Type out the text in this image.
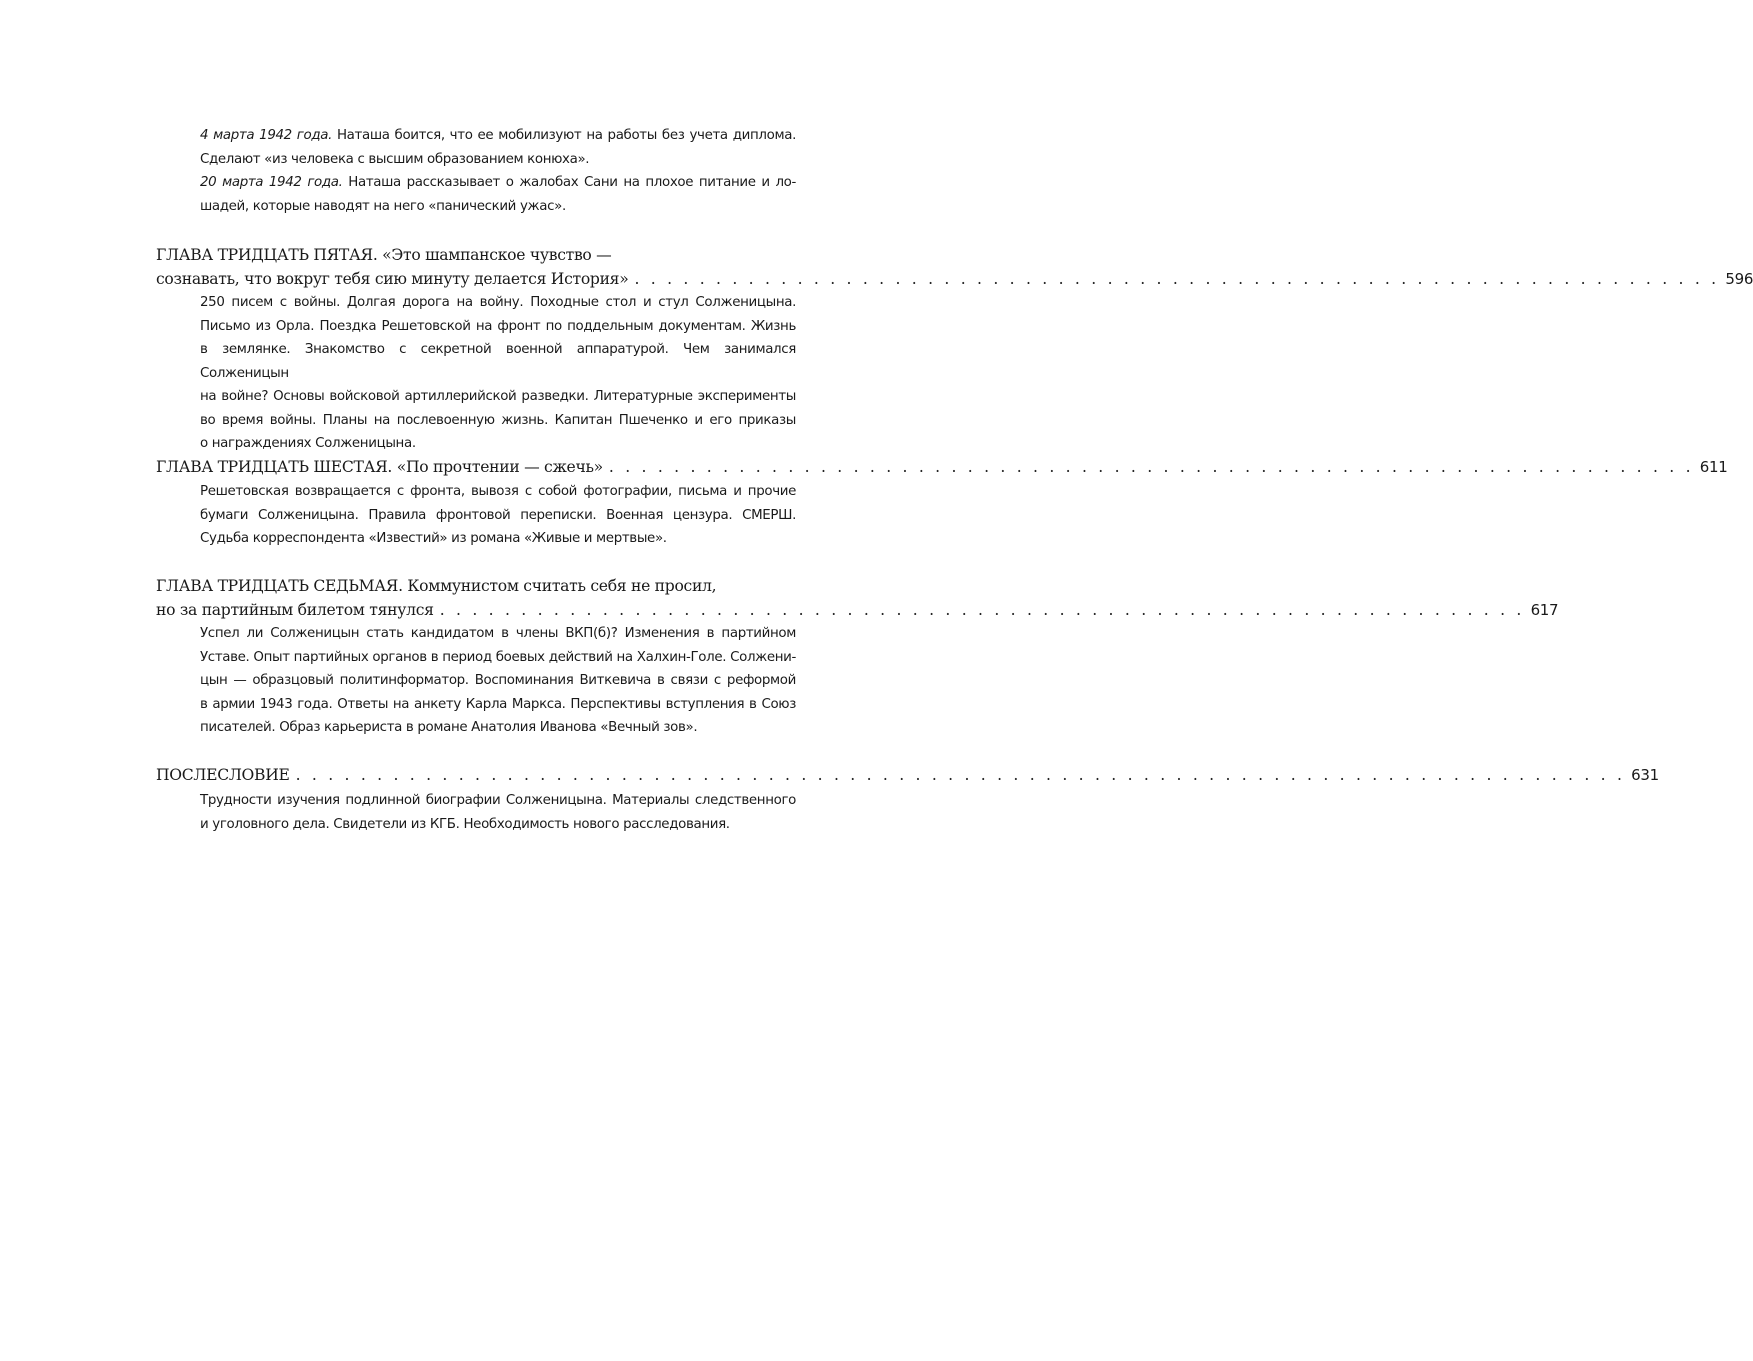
4 марта 1942 года. Наташа боится, что ее мобилизуют на работы без учета диплома.
Сделают «из человека с высшим образованием конюха».
20 марта 1942 года. Наташа рассказывает о жалобах Сани на плохое питание и ло-
шадей, которые наводят на него «панический ужас».
ГЛАВА ТРИДЦАТЬ ПЯТАЯ. «Это шампанское чувство —
сознавать, что вокруг тебя сию минуту делается История» . . . . . . . . . . . . . . . . . . . . . . . . . . . . . . . . . . . . . . . . . . . . . . . . . . . . . . . . . . . . . . . . . . . 596
250 писем с войны. Долгая дорога на войну. Походные стол и стул Солженицына.
Письмо из Орла. Поездка Решетовской на фронт по поддельным документам. Жизнь
в землянке. Знакомство с секретной военной аппаратурой. Чем занимался Солженицын
на войне? Основы войсковой артиллерийской разведки. Литературные эксперименты
во время войны. Планы на послевоенную жизнь. Капитан Пшеченко и его приказы
о награждениях Солженицына.
ГЛАВА ТРИДЦАТЬ ШЕСТАЯ. «По прочтении — сжечь» . . . . . . . . . . . . . . . . . . . . . . . . . . . . . . . . . . . . . . . . . . . . . . . . . . . . . . . . . . . . . . . . . . . 611
Решетовская возвращается с фронта, вывозя с собой фотографии, письма и прочие
бумаги Солженицына. Правила фронтовой переписки. Военная цензура. СМЕРШ.
Судьба корреспондента «Известий» из романа «Живые и мертвые».
ГЛАВА ТРИДЦАТЬ СЕДЬМАЯ. Коммунистом считать себя не просил,
но за партийным билетом тянулся . . . . . . . . . . . . . . . . . . . . . . . . . . . . . . . . . . . . . . . . . . . . . . . . . . . . . . . . . . . . . . . . . . . 617
Успел ли Солженицын стать кандидатом в члены ВКП(б)? Изменения в партийном
Уставе. Опыт партийных органов в период боевых действий на Халхин-Голе. Солжени-
цын — образцовый политинформатор. Воспоминания Виткевича в связи с реформой
в армии 1943 года. Ответы на анкету Карла Маркса. Перспективы вступления в Союз
писателей. Образ карьериста в романе Анатолия Иванова «Вечный зов».
ПОСЛЕСЛОВИЕ . . . . . . . . . . . . . . . . . . . . . . . . . . . . . . . . . . . . . . . . . . . . . . . . . . . . . . . . . . . . . . . . . . . . . . . . . . . . . . . . . . 631
Трудности изучения подлинной биографии Солженицына. Материалы следственного
и уголовного дела. Свидетели из КГБ. Необходимость нового расследования.
